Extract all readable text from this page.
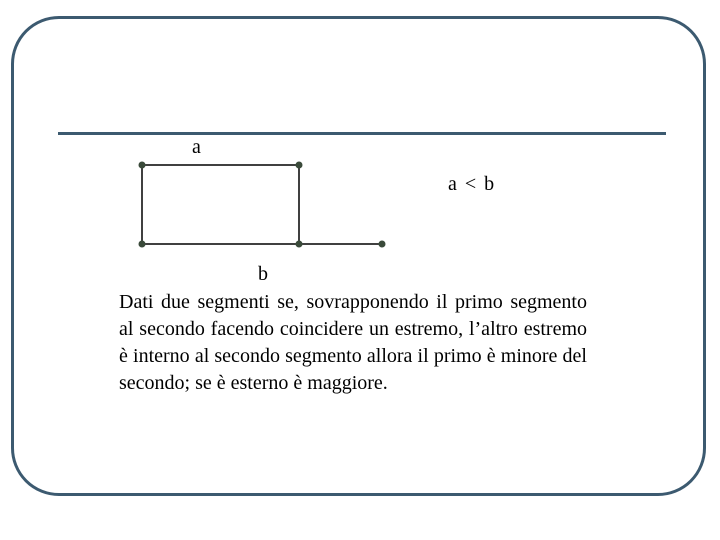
a
a < b
b

Dati due segmenti se, sovrapponendo il primo segmento al secondo facendo coincidere un estremo, l’altro estremo è interno al secondo segmento allora il primo è minore del secondo; se è esterno è maggiore.
